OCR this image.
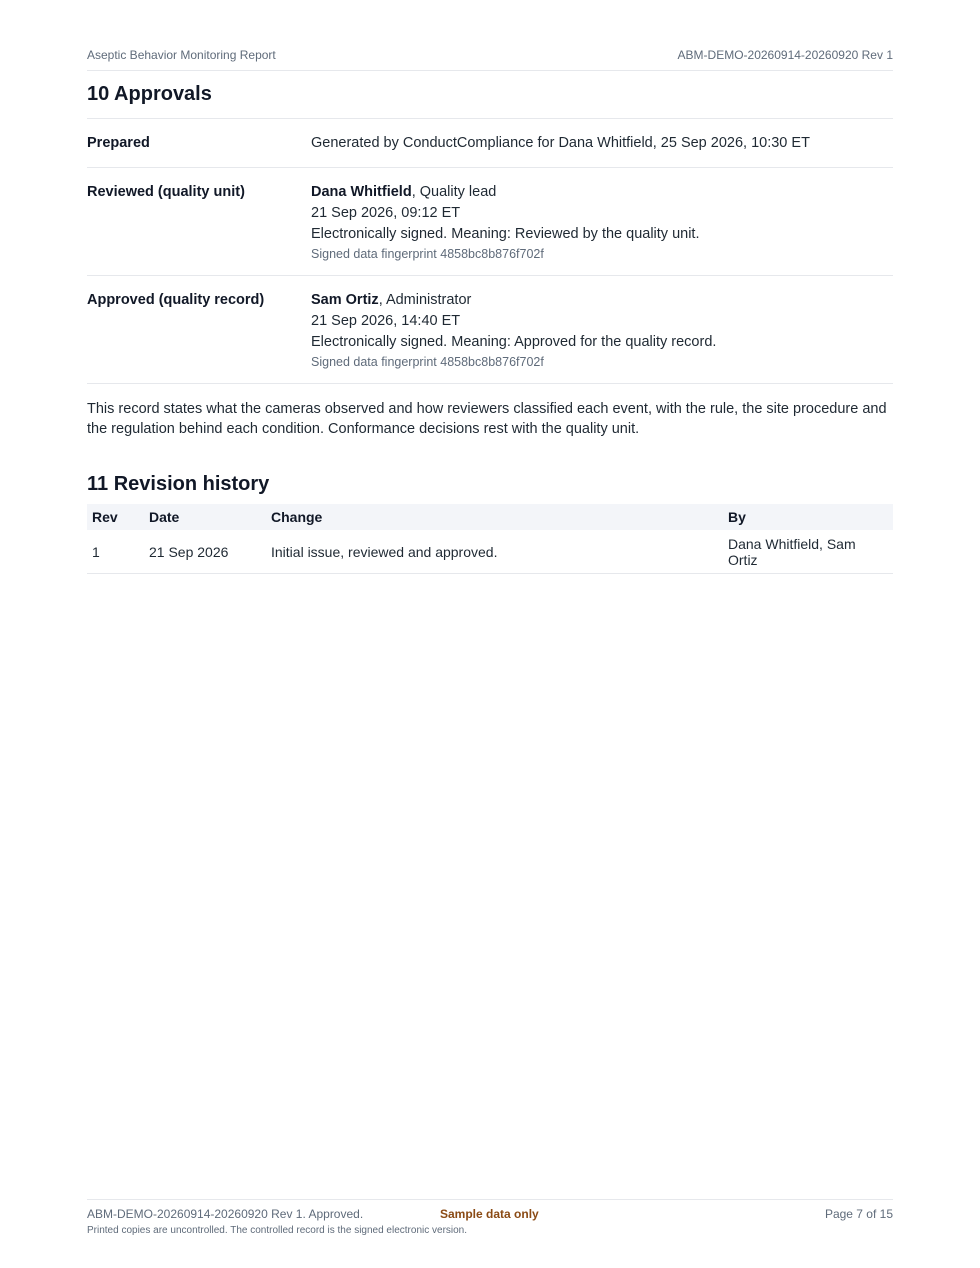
Aseptic Behavior Monitoring Report	ABM-DEMO-20260914-20260920 Rev 1
10 Approvals
Prepared	Generated by ConductCompliance for Dana Whitfield, 25 Sep 2026, 10:30 ET
Reviewed (quality unit)	Dana Whitfield, Quality lead
21 Sep 2026, 09:12 ET
Electronically signed. Meaning: Reviewed by the quality unit.
Signed data fingerprint 4858bc8b876f702f
Approved (quality record)	Sam Ortiz, Administrator
21 Sep 2026, 14:40 ET
Electronically signed. Meaning: Approved for the quality record.
Signed data fingerprint 4858bc8b876f702f

This record states what the cameras observed and how reviewers classified each event, with the rule, the site procedure and the regulation behind each condition. Conformance decisions rest with the quality unit.

11 Revision history
Rev	Date	Change	By
1	21 Sep 2026	Initial issue, reviewed and approved.	Dana Whitfield, Sam Ortiz
ABM-DEMO-20260914-20260920 Rev 1. Approved.	Sample data only	Page 7 of 15
Printed copies are uncontrolled. The controlled record is the signed electronic version.
